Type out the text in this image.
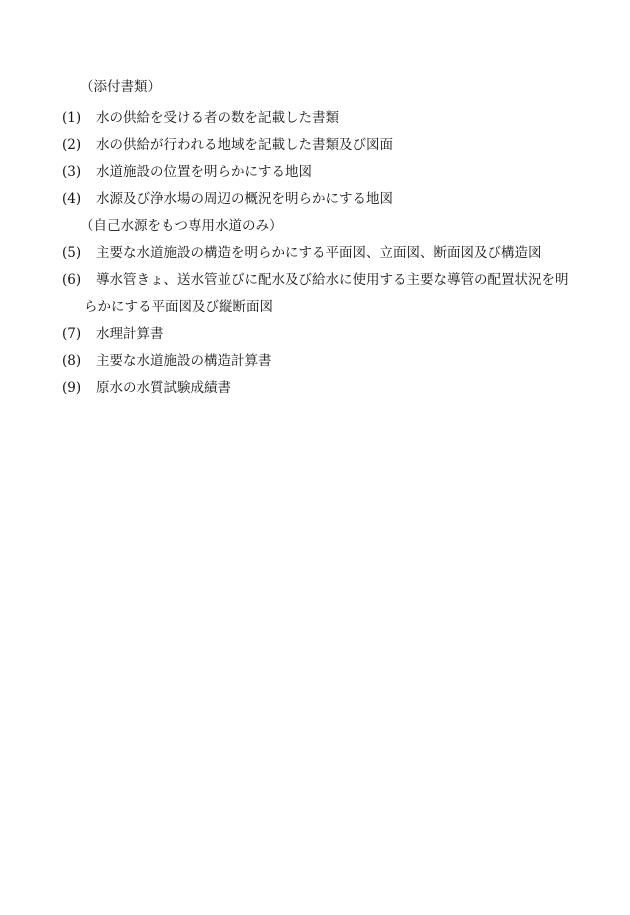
（添付書類）
(1) 水の供給を受ける者の数を記載した書類
(2) 水の供給が行われる地域を記載した書類及び図面
(3) 水道施設の位置を明らかにする地図
(4) 水源及び浄水場の周辺の概況を明らかにする地図
（自己水源をもつ専用水道のみ）
(5) 主要な水道施設の構造を明らかにする平面図、立面図、断面図及び構造図
(6) 導水管きょ、送水管並びに配水及び給水に使用する主要な導管の配置状況を明
らかにする平面図及び縦断面図
(7) 水理計算書
(8) 主要な水道施設の構造計算書
(9) 原水の水質試験成績書
